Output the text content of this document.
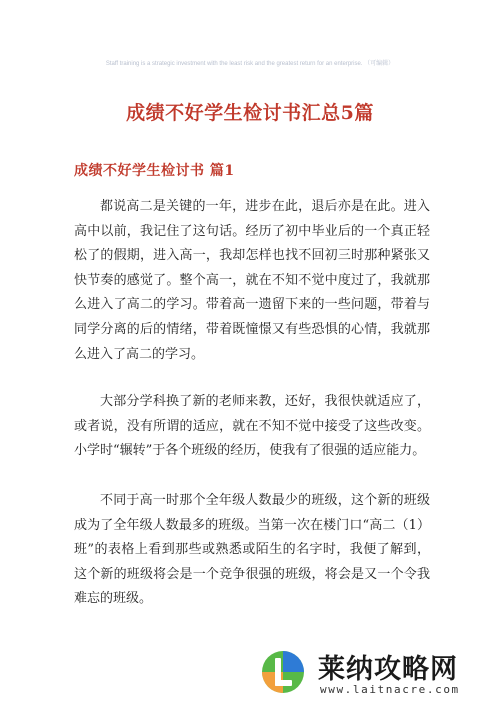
Staff training is a strategic investment with the least risk and the greatest return for an enterprise. （可编辑）
成绩不好学生检讨书汇总5篇
成绩不好学生检讨书 篇1

都说高二是关键的一年，进步在此，退后亦是在此。进入高中以前，我记住了这句话。经历了初中毕业后的一个真正轻松了的假期，进入高一，我却怎样也找不回初三时那种紧张又快节奏的感觉了。整个高一，就在不知不觉中度过了，我就那么进入了高二的学习。带着高一遗留下来的一些问题，带着与同学分离的后的情绪，带着既憧憬又有些恐惧的心情，我就那么进入了高二的学习。

大部分学科换了新的老师来教，还好，我很快就适应了，或者说，没有所谓的适应，就在不知不觉中接受了这些改变。小学时“辗转”于各个班级的经历，使我有了很强的适应能力。

不同于高一时那个全年级人数最少的班级，这个新的班级成为了全年级人数最多的班级。当第一次在楼门口“高二（1）班”的表格上看到那些或熟悉或陌生的名字时，我便了解到，这个新的班级将会是一个竞争很强的班级，将会是又一个令我难忘的班级。

莱纳攻略网
www.laitnacre.com
